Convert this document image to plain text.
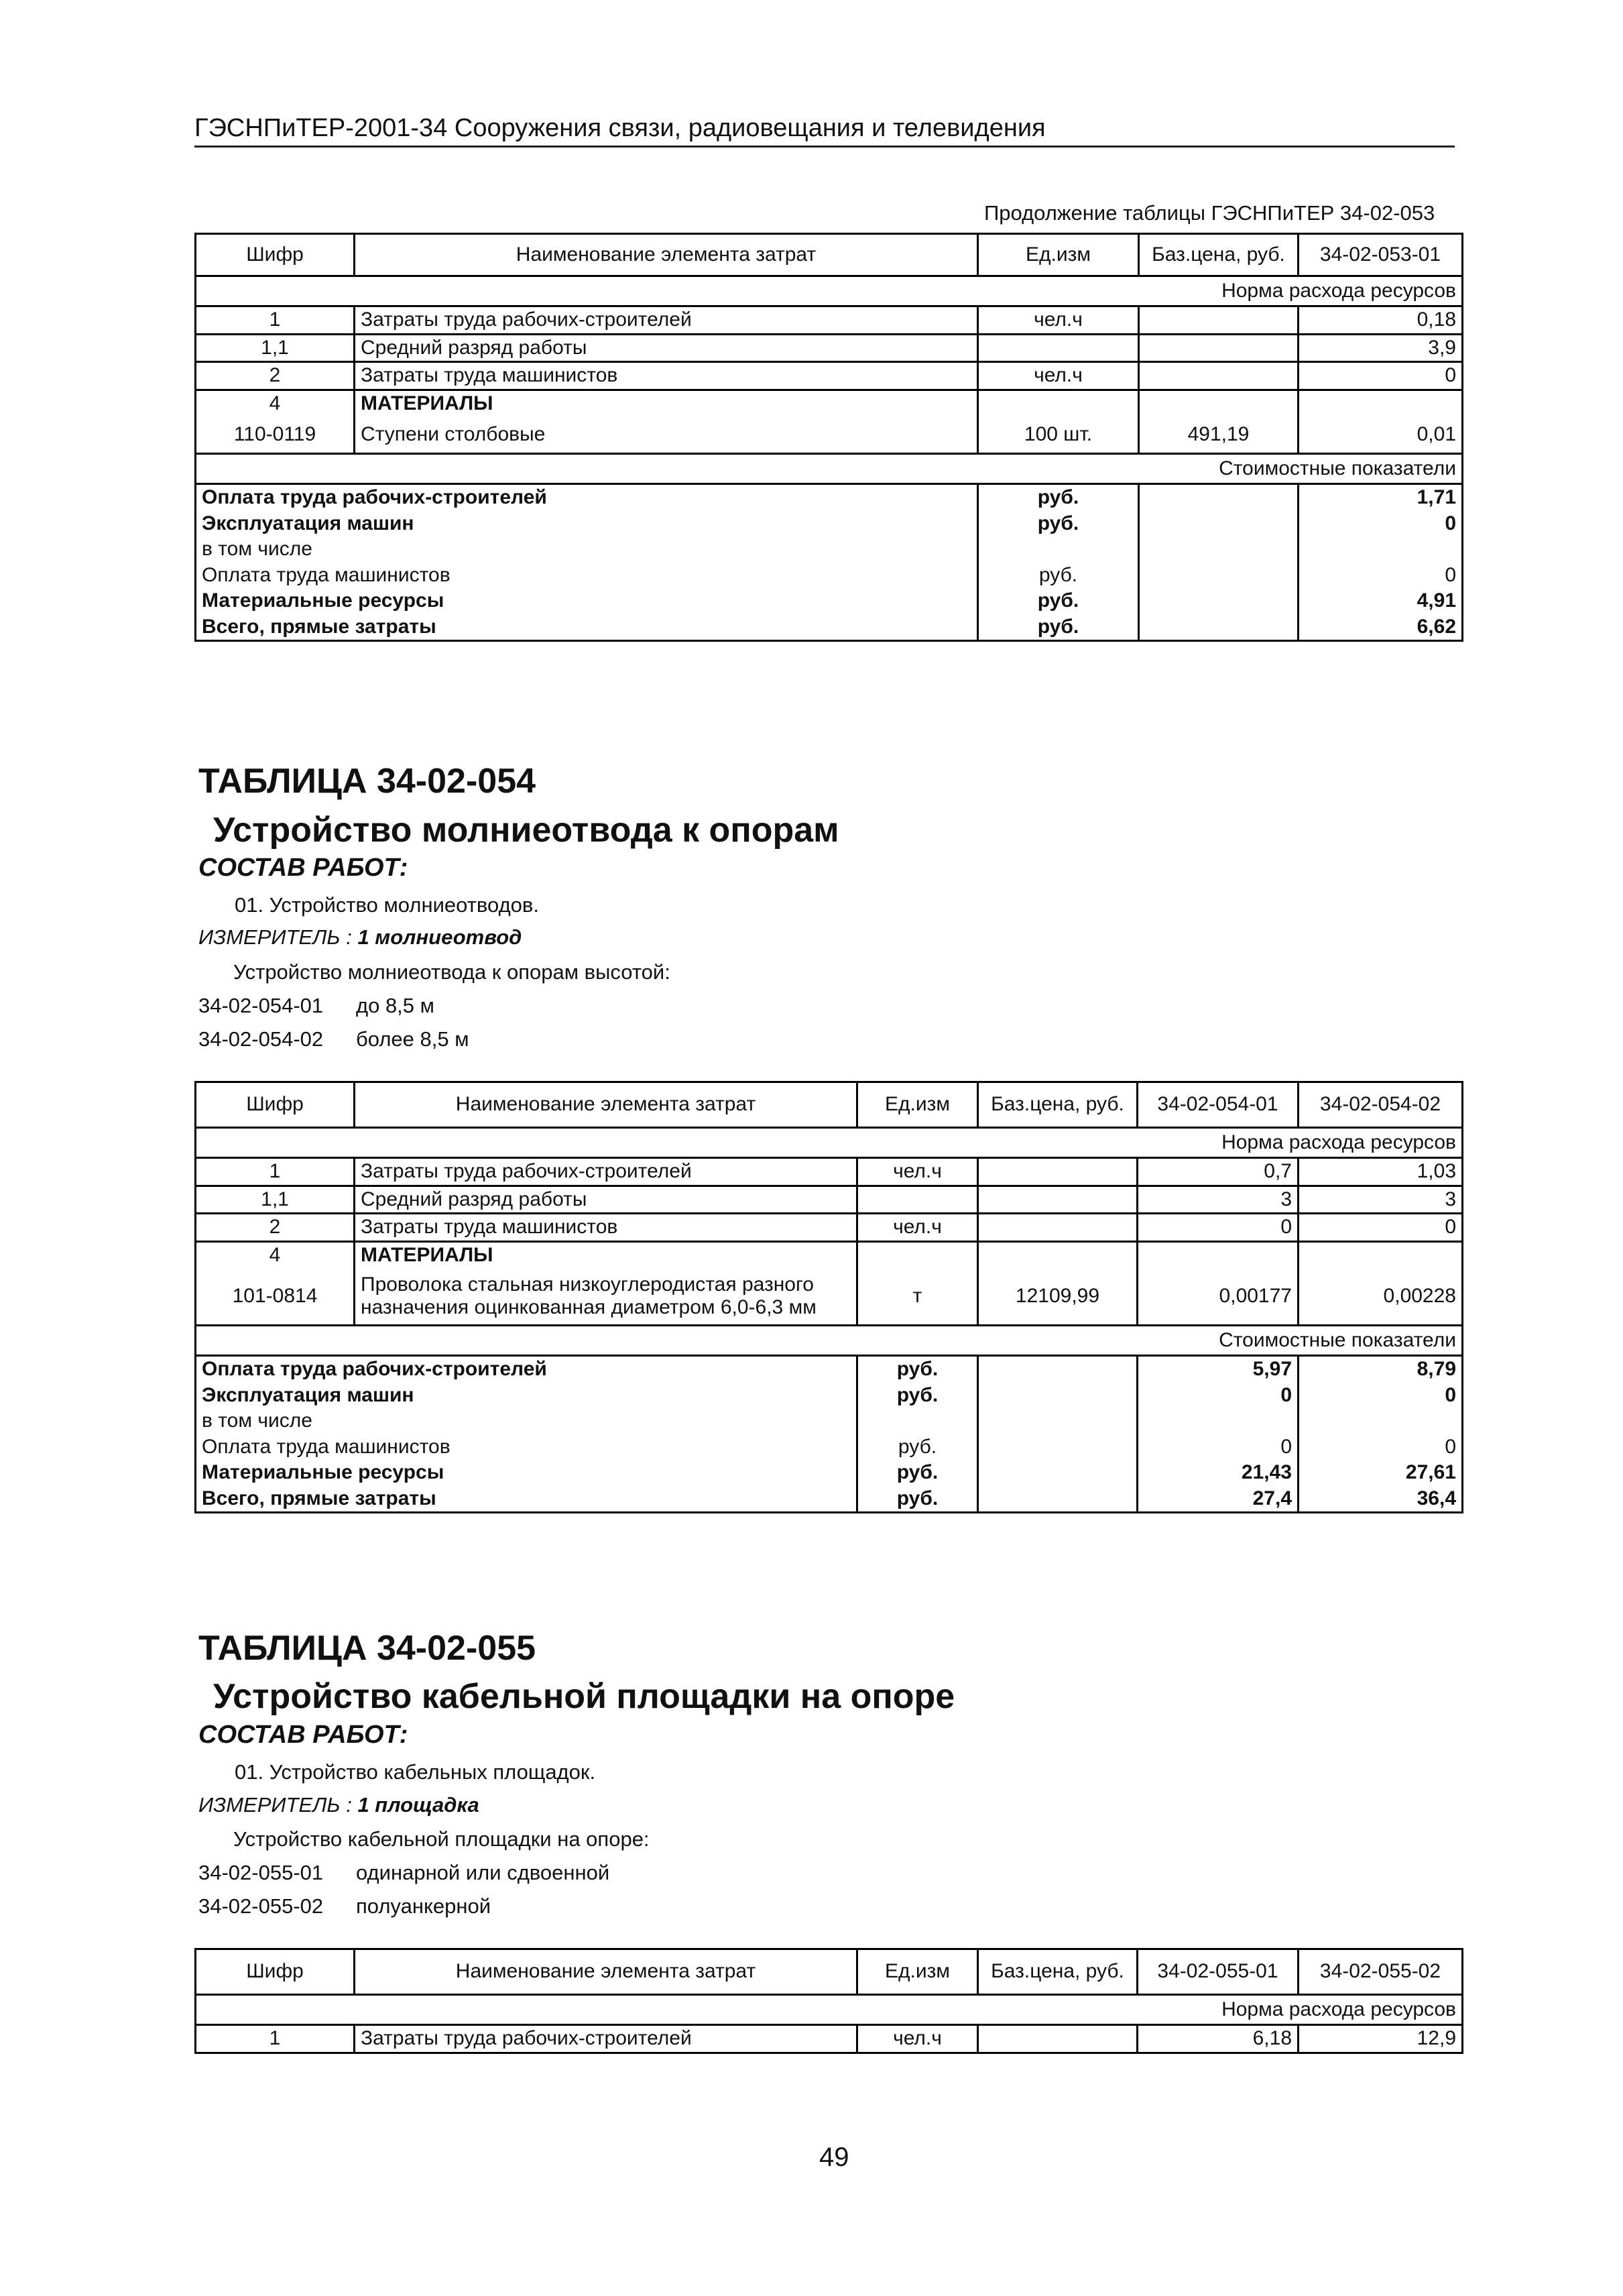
ГЭСНПиТЕР-2001-34 Сооружения связи, радиовещания и телевидения
Продолжение таблицы ГЭСНПиТЕР 34-02-053
Шифр	Наименование элемента затрат	Ед.изм	Баз.цена, руб.	34-02-053-01
Норма расхода ресурсов				
1	Затраты труда рабочих-строителей	чел.ч		0,18
1,1	Средний разряд работы			3,9
2	Затраты труда машинистов	чел.ч		0
4	МАТЕРИАЛЫ			
110-0119	Ступени столбовые	100 шт.	491,19	0,01
Стоимостные показатели				
Оплата труда рабочих-строителей		руб.		1,71
Эксплуатация машин		руб.		0
в том числе				
Оплата труда машинистов		руб.		0
Материальные ресурсы		руб.		4,91
Всего, прямые затраты		руб.		6,62
ТАБЛИЦА 34-02-054
Устройство молниеотвода к опорам
СОСТАВ РАБОТ:
01. Устройство молниеотводов.
ИЗМЕРИТЕЛЬ : 1 молниеотвод
Устройство молниеотвода к опорам высотой:
34-02-054-01 до 8,5 м
34-02-054-02 более 8,5 м
Шифр	Наименование элемента затрат	Ед.изм	Баз.цена, руб.	34-02-054-01	34-02-054-02
Норма расхода ресурсов					
1	Затраты труда рабочих-строителей	чел.ч		0,7	1,03
1,1	Средний разряд работы			3	3
2	Затраты труда машинистов	чел.ч		0	0
4	МАТЕРИАЛЫ				
101-0814	Проволока стальная низкоуглеродистая разного назначения оцинкованная диаметром 6,0-6,3 мм	т	12109,99	0,00177	0,00228
Стоимостные показатели					
Оплата труда рабочих-строителей		руб.		5,97	8,79
Эксплуатация машин		руб.		0	0
в том числе					
Оплата труда машинистов		руб.		0	0
Материальные ресурсы		руб.		21,43	27,61
Всего, прямые затраты		руб.		27,4	36,4
ТАБЛИЦА 34-02-055
Устройство кабельной площадки на опоре
СОСТАВ РАБОТ:
01. Устройство кабельных площадок.
ИЗМЕРИТЕЛЬ : 1 площадка
Устройство кабельной площадки на опоре:
34-02-055-01 одинарной или сдвоенной
34-02-055-02 полуанкерной
Шифр	Наименование элемента затрат	Ед.изм	Баз.цена, руб.	34-02-055-01	34-02-055-02
Норма расхода ресурсов					
1	Затраты труда рабочих-строителей	чел.ч		6,18	12,9
49
